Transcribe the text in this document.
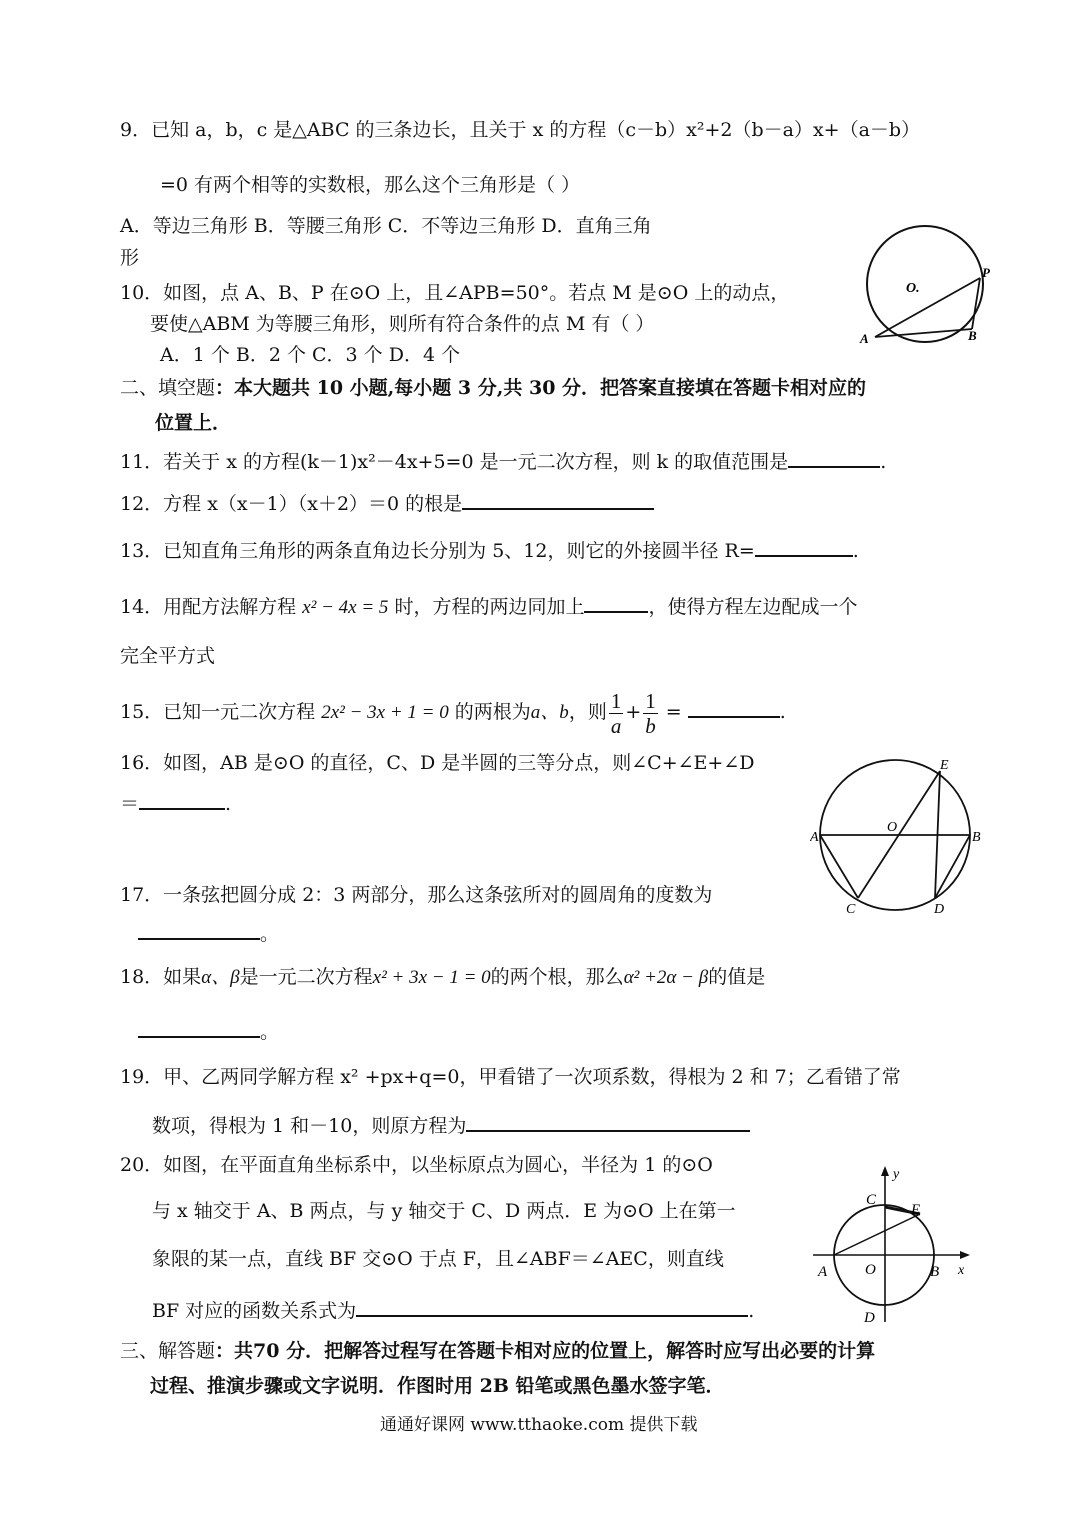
9．已知 a，b，c 是△ABC 的三条边长，且关于 x 的方程（c－b）x²+2（b－a）x+（a－b）
=0 有两个相等的实数根，那么这个三角形是（ ）
A．等边三角形 B．等腰三角形 C．不等边三角形 D．直角三角
形
10．如图，点 A、B、P 在⊙O 上，且∠APB=50°。若点 M 是⊙O 上的动点，
要使△ABM 为等腰三角形，则所有符合条件的点 M 有（ ）
A．1 个 B．2 个 C．3 个 D．4 个
O.
P
A	B
二、填空题：本大题共 10 小题,每小题 3 分,共 30 分．把答案直接填在答题卡相对应的
位置上．
11．若关于 x 的方程(k－1)x²－4x+5=0 是一元二次方程，则 k 的取值范围是	.
12．方程 x（x－1）（x＋2）＝0 的根是
13．已知直角三角形的两条直角边长分别为 5、12，则它的外接圆半径 R=	.
14．用配方法解方程 x² − 4x = 5 时，方程的两边同加上	，使得方程左边配成一个
完全平方式
15．已知一元二次方程 2x² − 3x + 1 = 0 的两根为a、b，则 $\frac{1}{a} + \frac{1}{b}$ =	.
16．如图，AB 是⊙O 的直径，C、D 是半圆的三等分点，则∠C+∠E+∠D
＝	.
E
A
O
B
C	D
17．一条弦把圆分成 2：3 两部分，那么这条弦所对的圆周角的度数为
。
18．如果α、β是一元二次方程x² + 3x − 1 = 0的两个根，那么α² +2α − β的值是
。
19．甲、乙两同学解方程 x² +px+q=0，甲看错了一次项系数，得根为 2 和 7；乙看错了常
数项，得根为 1 和－10，则原方程为
20．如图，在平面直角坐标系中，以坐标原点为圆心，半径为 1 的⊙O
与 x 轴交于 A、B 两点，与 y 轴交于 C、D 两点．E 为⊙O 上在第一
象限的某一点，直线 BF 交⊙O 于点 F，且∠ABF＝∠AEC，则直线
BF 对应的函数关系式为	.
y
C
E
A	O	B x
D
三、解答题：共70 分．把解答过程写在答题卡相对应的位置上，解答时应写出必要的计算
过程、推演步骤或文字说明．作图时用 2B 铅笔或黑色墨水签字笔．
通通好课网 www.tthaoke.com 提供下载
